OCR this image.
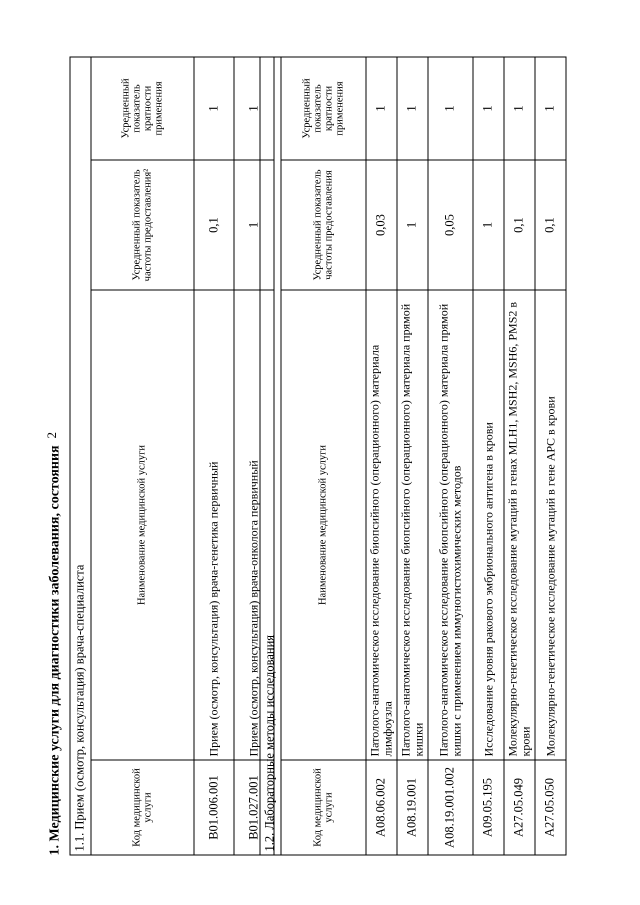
2
1. Медицинские услуги для диагностики заболевания, состояния 1.1. Прием (осмотр, консультация) врача-специалиста			
Код медицинской услуги	Наименование медицинской услуги	Усредненный показатель частоты предоставления²	Усредненный показатель кратности применения
B01.006.001	Прием (осмотр, консультация) врача-генетика первичный	0,1	1
B01.027.001	Прием (осмотр, консультация) врача-онколога первичный	1	1
1.2. Лабораторные методы исследования			
Код медицинской услуги	Наименование медицинской услуги	Усредненный показатель частоты предоставления	Усредненный показатель кратности применения
A08.06.002	Патолого-анатомическое исследование биопсийного (операционного) материала лимфоузла	0,03	1
A08.19.001	Патолого-анатомическое исследование биопсийного (операционного) материала прямой кишки	1	1
A08.19.001.002	Патолого-анатомическое исследование биопсийного (операционного) материала прямой кишки с применением иммуногистохимических методов	0,05	1
A09.05.195	Исследование уровня ракового эмбрионального антигена в крови	1	1
A27.05.049	Молекулярно-генетическое исследование мутаций в генах MLH1, MSH2, MSH6, PMS2 в крови	0,1	1
A27.05.050	Молекулярно-генетическое исследование мутаций в гене APC в крови	0,1	1
